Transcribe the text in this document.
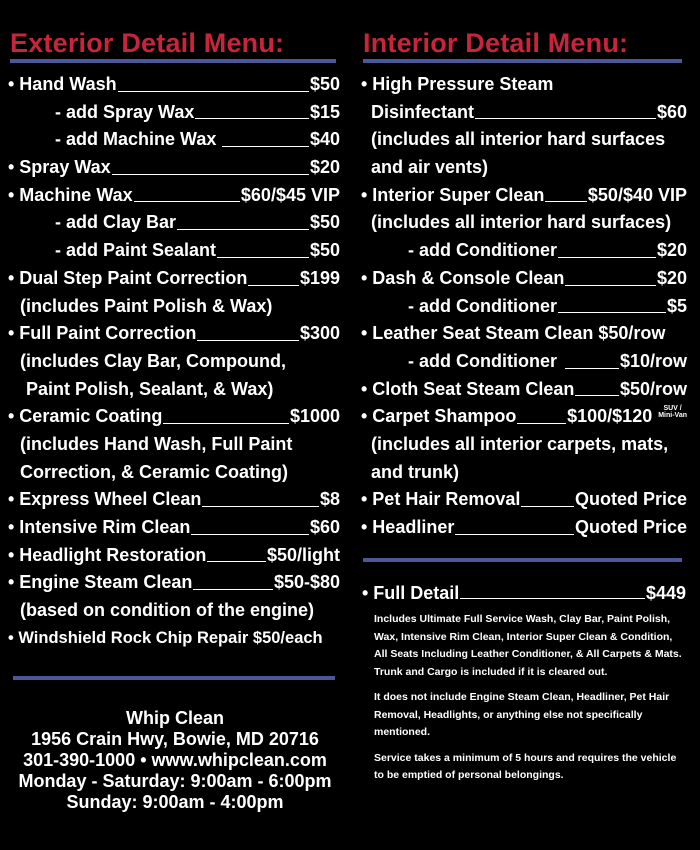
Exterior Detail Menu:	Interior Detail Menu:
• Hand Wash	$50
- add Spray Wax	$15
- add Machine Wax	$40
• Spray Wax	$20
• Machine Wax	$60/$45 VIP
- add Clay Bar	$50
- add Paint Sealant	$50
• Dual Step Paint Correction	$199
(includes Paint Polish & Wax)
• Full Paint Correction	$300
(includes Clay Bar, Compound,
Paint Polish, Sealant, & Wax)
• Ceramic Coating	$1000
(includes Hand Wash, Full Paint
Correction, & Ceramic Coating)
• Express Wheel Clean	$8
• Intensive Rim Clean	$60
• Headlight Restoration	$50/light
• Engine Steam Clean	$50-$80
(based on condition of the engine)
• Windshield Rock Chip Repair $50/each
• High Pressure Steam
Disinfectant	$60
(includes all interior hard surfaces
and air vents)
• Interior Super Clean $50/$40 VIP
(includes all interior hard surfaces)
- add Conditioner	$20
• Dash & Console Clean	$20
- add Conditioner	$5
• Leather Seat Steam Clean $50/row
- add Conditioner	$10/row
• Cloth Seat Steam Clean	$50/row
• Carpet Shampoo	$100/$120	SUV /
Mini-Van
(includes all interior carpets, mats,
and trunk)
• Pet Hair Removal	Quoted Price
• Headliner	Quoted Price
• Full Detail	$449

Includes Ultimate Full Service Wash, Clay Bar, Paint Polish, Wax, Intensive Rim Clean, Interior Super Clean & Condition, All Seats Including Leather Conditioner, & All Carpets & Mats. Trunk and Cargo is included if it is cleared out.

It does not include Engine Steam Clean, Headliner, Pet Hair Removal, Headlights, or anything else not specifically mentioned.

Service takes a minimum of 5 hours and requires the vehicle to be emptied of personal belongings.

Whip Clean
1956 Crain Hwy, Bowie, MD 20716
301-390-1000 • www.whipclean.com
Monday - Saturday: 9:00am - 6:00pm
Sunday: 9:00am - 4:00pm
